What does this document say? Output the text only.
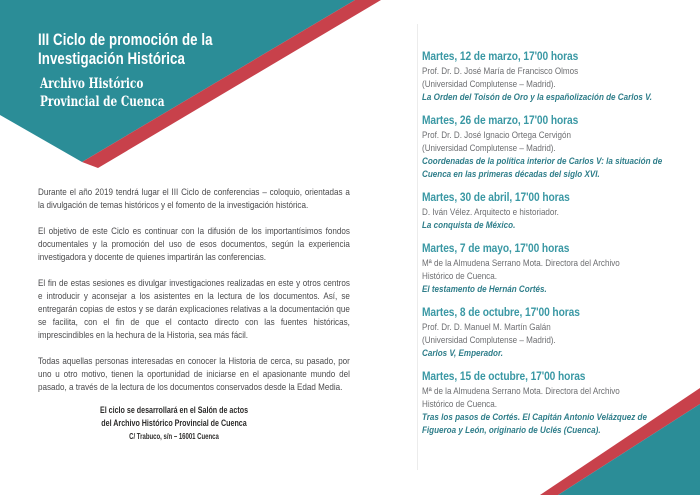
III Ciclo de promoción de la
Investigación Histórica
Archivo Histórico
Provincial de Cuenca

Durante el año 2019 tendrá lugar el III Ciclo de conferencias – coloquio, orientadas a la divulgación de temas históricos y el fomento de la investigación histórica.

El objetivo de este Ciclo es continuar con la difusión de los importantísimos fondos documentales y la promoción del uso de esos documentos, según la experiencia investigadora y docente de quienes impartirán las conferencias.

El fin de estas sesiones es divulgar investigaciones realizadas en este y otros centros e introducir y aconsejar a los asistentes en la lectura de los documentos. Así, se entregarán copias de estos y se darán explicaciones relativas a la documentación que se facilita, con el fin de que el contacto directo con las fuentes históricas, imprescindibles en la hechura de la Historia, sea más fácil.

Todas aquellas personas interesadas en conocer la Historia de cerca, su pasado, por uno u otro motivo, tienen la oportunidad de iniciarse en el apasionante mundo del pasado, a través de la lectura de los documentos conservados desde la Edad Media.

El ciclo se desarrollará en el Salón de actos
del Archivo Histórico Provincial de Cuenca
C/ Trabuco, s/n – 16001 Cuenca
Martes, 12 de marzo, 17'00 horas
Prof. Dr. D. José María de Francisco Olmos
(Universidad Complutense – Madrid).
La Orden del Toisón de Oro y la españolización de Carlos V.
Martes, 26 de marzo, 17'00 horas
Prof. Dr. D. José Ignacio Ortega Cervigón
(Universidad Complutense – Madrid).
Coordenadas de la política interior de Carlos V: la situación de Cuenca en las primeras décadas del siglo XVI.
Martes, 30 de abril, 17'00 horas
D. Iván Vélez. Arquitecto e historiador.
La conquista de México.
Martes, 7 de mayo, 17'00 horas
Mª de la Almudena Serrano Mota. Directora del Archivo
Histórico de Cuenca.
El testamento de Hernán Cortés.
Martes, 8 de octubre, 17'00 horas
Prof. Dr. D. Manuel M. Martín Galán
(Universidad Complutense – Madrid).
Carlos V, Emperador.
Martes, 15 de octubre, 17'00 horas
Mª de la Almudena Serrano Mota. Directora del Archivo
Histórico de Cuenca.
Tras los pasos de Cortés. El Capitán Antonio Velázquez de Figueroa y León, originario de Uclés (Cuenca).
